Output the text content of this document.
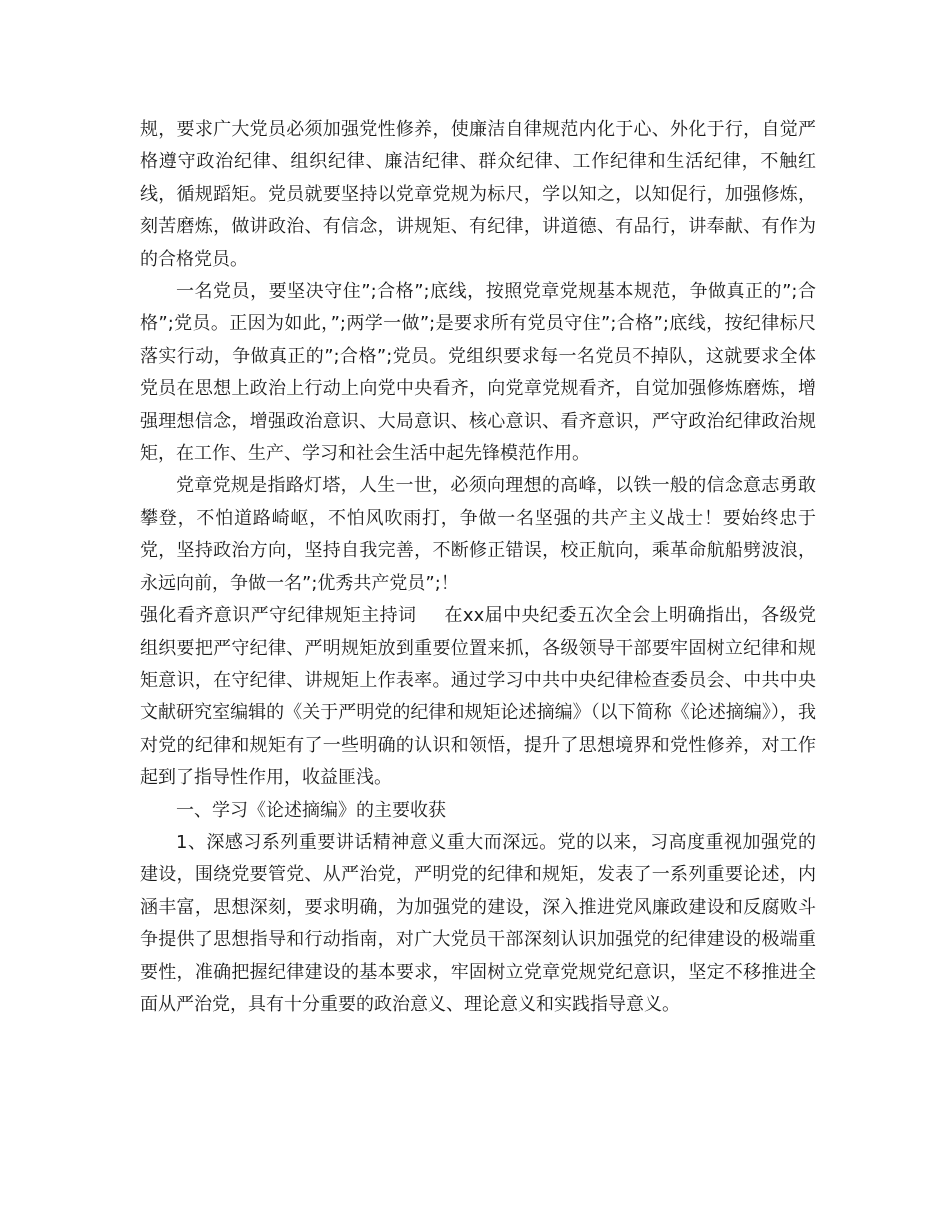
规，要求广大党员必须加强党性修养，使廉洁自律规范内化于心、外化于行，自觉严格遵守政治纪律、组织纪律、廉洁纪律、群众纪律、工作纪律和生活纪律，不触红线，循规蹈矩。党员就要坚持以党章党规为标尺，学以知之，以知促行，加强修炼，刻苦磨炼，做讲政治、有信念，讲规矩、有纪律，讲道德、有品行，讲奉献、有作为的合格党员。

一名党员，要坚决守住”;合格”;底线，按照党章党规基本规范，争做真正的”;合格”;党员。正因为如此，”;两学一做”;是要求所有党员守住”;合格”;底线，按纪律标尺落实行动，争做真正的”;合格”;党员。党组织要求每一名党员不掉队，这就要求全体党员在思想上政治上行动上向党中央看齐，向党章党规看齐，自觉加强修炼磨炼，增强理想信念，增强政治意识、大局意识、核心意识、看齐意识，严守政治纪律政治规矩，在工作、生产、学习和社会生活中起先锋模范作用。

党章党规是指路灯塔，人生一世，必须向理想的高峰，以铁一般的信念意志勇敢攀登，不怕道路崎岖，不怕风吹雨打，争做一名坚强的共产主义战士！要始终忠于党，坚持政治方向，坚持自我完善，不断修正错误，校正航向，乘革命航船劈波浪，永远向前，争做一名”;优秀共产党员”;！

强化看齐意识严守纪律规矩主持词 在xx届中央纪委五次全会上明确指出，各级党组织要把严守纪律、严明规矩放到重要位置来抓，各级领导干部要牢固树立纪律和规矩意识，在守纪律、讲规矩上作表率。通过学习中共中央纪律检查委员会、中共中央文献研究室编辑的《关于严明党的纪律和规矩论述摘编》（以下简称《论述摘编》），我对党的纪律和规矩有了一些明确的认识和领悟，提升了思想境界和党性修养，对工作起到了指导性作用，收益匪浅。

一、学习《论述摘编》的主要收获

1、深感习系列重要讲话精神意义重大而深远。党的以来，习高度重视加强党的建设，围绕党要管党、从严治党，严明党的纪律和规矩，发表了一系列重要论述，内涵丰富，思想深刻，要求明确，为加强党的建设，深入推进党风廉政建设和反腐败斗争提供了思想指导和行动指南，对广大党员干部深刻认识加强党的纪律建设的极端重要性，准确把握纪律建设的基本要求，牢固树立党章党规党纪意识，坚定不移推进全面从严治党，具有十分重要的政治意义、理论意义和实践指导意义。
